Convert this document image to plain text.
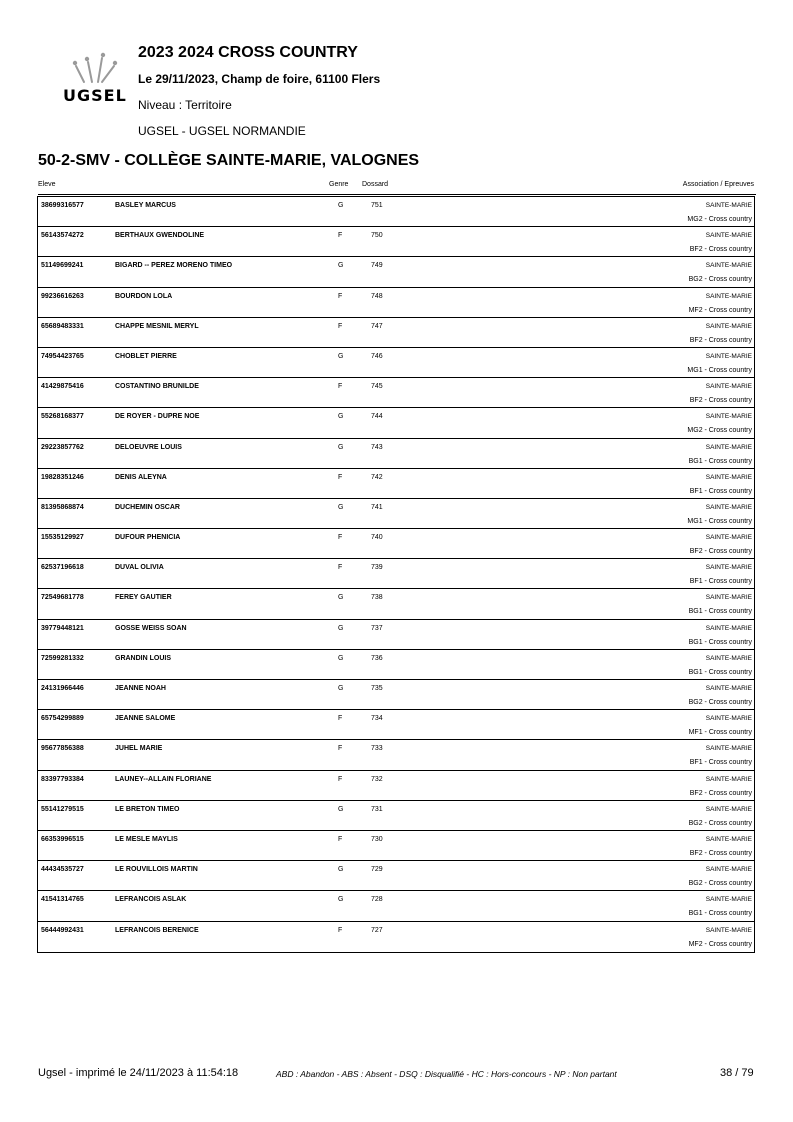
UGSEL
2023 2024 CROSS COUNTRY
Le 29/11/2023, Champ de foire, 61100 Flers
Niveau : Territoire
UGSEL - UGSEL NORMANDIE
50-2-SMV - COLLÈGE SAINTE-MARIE, VALOGNES
Eleve	Genre Dossard	Association / Epreuves
38699316577	BASLEY MARCUS	G	751	SAINTE-MARIE
MG2 - Cross country
56143574272	BERTHAUX GWENDOLINE	F	750	SAINTE-MARIE
BF2 - Cross country
51149699241	BIGARD -- PEREZ MORENO TIMEO	G	749	SAINTE-MARIE
BG2 - Cross country
99236616263	BOURDON LOLA	F	748	SAINTE-MARIE
MF2 - Cross country
65689483331	CHAPPE MESNIL MERYL	F	747	SAINTE-MARIE
BF2 - Cross country
74954423765	CHOBLET PIERRE	G	746	SAINTE-MARIE
MG1 - Cross country
41429875416	COSTANTINO BRUNILDE	F	745	SAINTE-MARIE
BF2 - Cross country
55268168377	DE ROYER - DUPRE NOE	G	744	SAINTE-MARIE
MG2 - Cross country
29223857762	DELOEUVRE LOUIS	G	743	SAINTE-MARIE
BG1 - Cross country
19828351246	DENIS ALEYNA	F	742	SAINTE-MARIE
BF1 - Cross country
81395868874	DUCHEMIN OSCAR	G	741	SAINTE-MARIE
MG1 - Cross country
15535129927	DUFOUR PHENICIA	F	740	SAINTE-MARIE
BF2 - Cross country
62537196618	DUVAL OLIVIA	F	739	SAINTE-MARIE
BF1 - Cross country
72549681778	FEREY GAUTIER	G	738	SAINTE-MARIE
BG1 - Cross country
39779448121	GOSSE WEISS SOAN	G	737	SAINTE-MARIE
BG1 - Cross country
72599281332	GRANDIN LOUIS	G	736	SAINTE-MARIE
BG1 - Cross country
24131966446	JEANNE NOAH	G	735	SAINTE-MARIE
BG2 - Cross country
65754299889	JEANNE SALOME	F	734	SAINTE-MARIE
MF1 - Cross country
95677856388	JUHEL MARIE	F	733	SAINTE-MARIE
BF1 - Cross country
83397793384	LAUNEY--ALLAIN FLORIANE	F	732	SAINTE-MARIE
BF2 - Cross country
55141279515	LE BRETON TIMEO	G	731	SAINTE-MARIE
BG2 - Cross country
66353996515	LE MESLE MAYLIS	F	730	SAINTE-MARIE
BF2 - Cross country
44434535727	LE ROUVILLOIS MARTIN	G	729	SAINTE-MARIE
BG2 - Cross country
41541314765	LEFRANCOIS ASLAK	G	728	SAINTE-MARIE
BG1 - Cross country
56444992431	LEFRANCOIS BERENICE	F	727	SAINTE-MARIE
MF2 - Cross country
Ugsel - imprimé le 24/11/2023 à 11:54:18	ABD : Abandon - ABS : Absent - DSQ : Disqualifié - HC : Hors-concours - NP : Non partant	38 / 79
